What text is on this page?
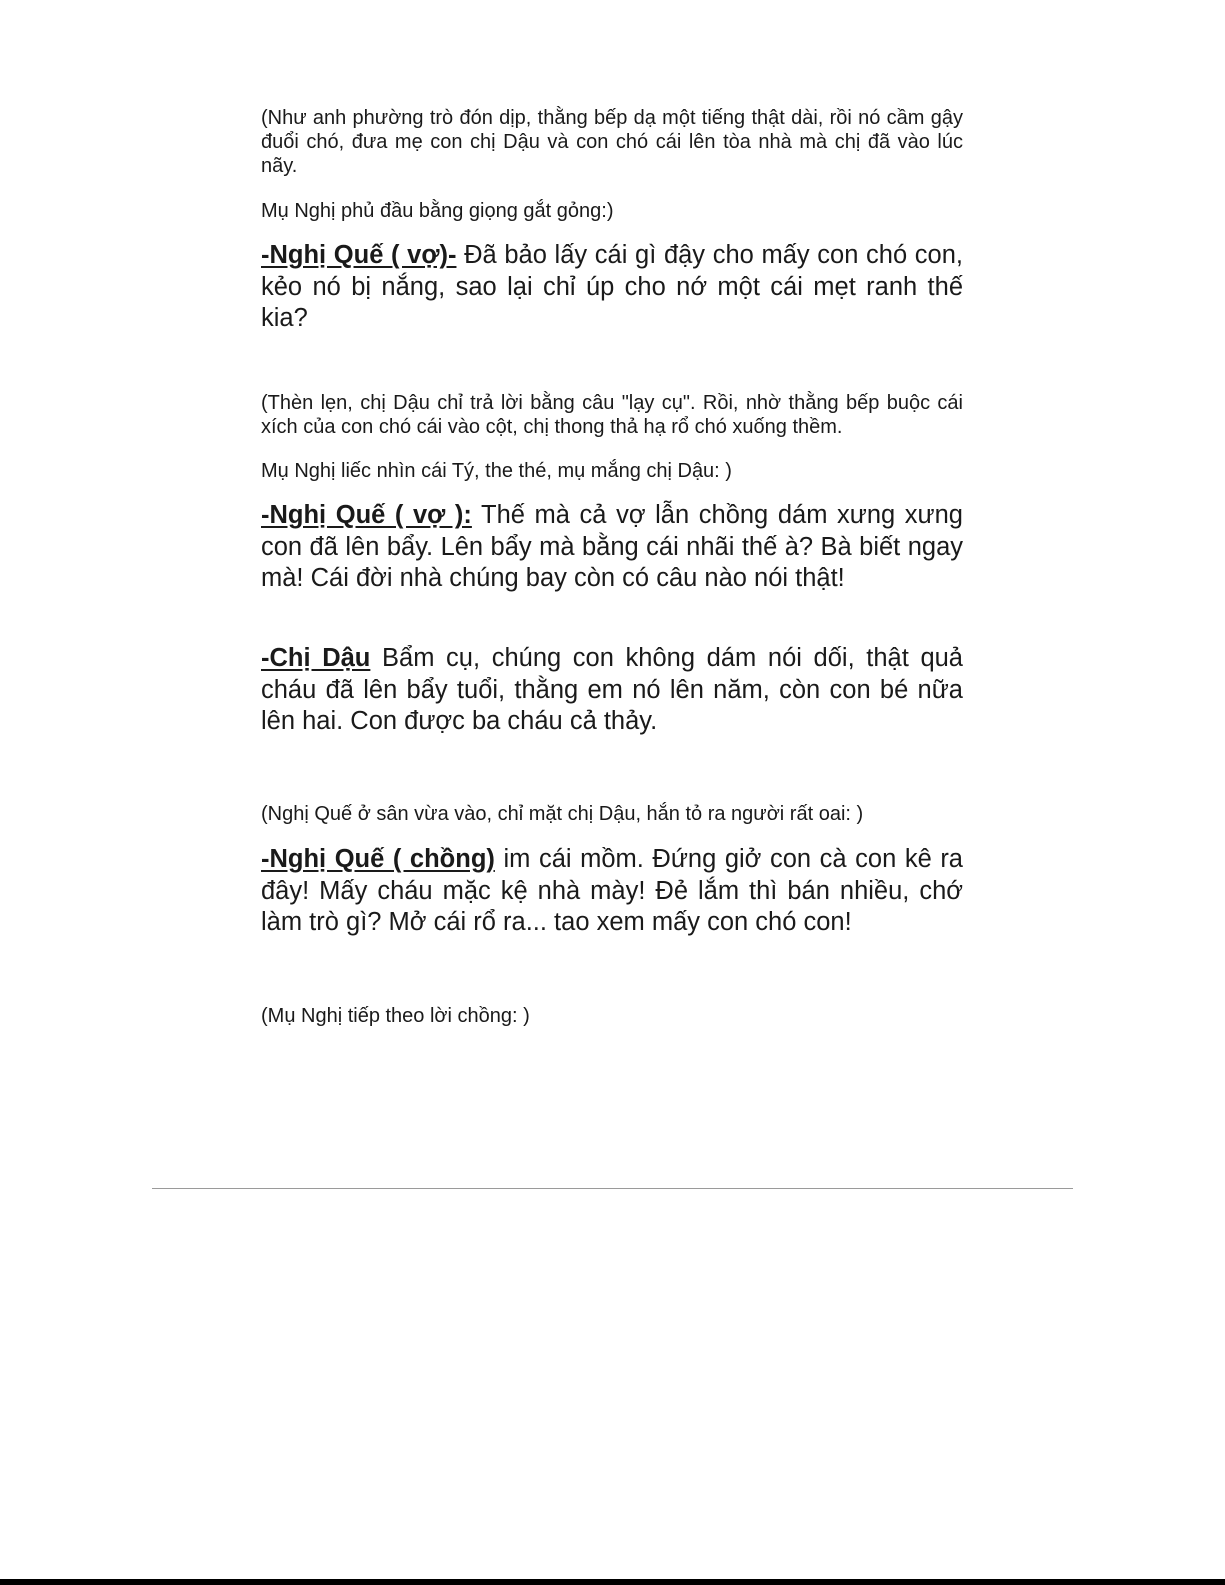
(Như anh phường trò đón dịp, thằng bếp dạ một tiếng thật dài, rồi nó cầm gậy đuổi chó, đưa mẹ con chị Dậu và con chó cái lên tòa nhà mà chị đã vào lúc nãy.

Mụ Nghị phủ đầu bằng giọng gắt gỏng:)

-Nghị Quế ( vợ)- Đã bảo lấy cái gì đậy cho mấy con chó con, kẻo nó bị nắng, sao lại chỉ úp cho nớ một cái mẹt ranh thế kia?

(Thèn lẹn, chị Dậu chỉ trả lời bằng câu "lạy cụ". Rồi, nhờ thằng bếp buộc cái xích của con chó cái vào cột, chị thong thả hạ rổ chó xuống thềm.

Mụ Nghị liếc nhìn cái Tý, the thé, mụ mắng chị Dậu: )

-Nghị Quế ( vợ ): Thế mà cả vợ lẫn chồng dám xưng xưng con đã lên bẩy. Lên bẩy mà bằng cái nhãi thế à? Bà biết ngay mà! Cái đời nhà chúng bay còn có câu nào nói thật!

-Chị Dậu Bẩm cụ, chúng con không dám nói dối, thật quả cháu đã lên bẩy tuổi, thằng em nó lên năm, còn con bé nữa lên hai. Con được ba cháu cả thảy.

(Nghị Quế ở sân vừa vào, chỉ mặt chị Dậu, hắn tỏ ra người rất oai: )

-Nghị Quế ( chồng) im cái mồm. Đứng giở con cà con kê ra đây! Mấy cháu mặc kệ nhà mày! Đẻ lắm thì bán nhiều, chớ làm trò gì? Mở cái rổ ra... tao xem mấy con chó con!

(Mụ Nghị tiếp theo lời chồng: )
